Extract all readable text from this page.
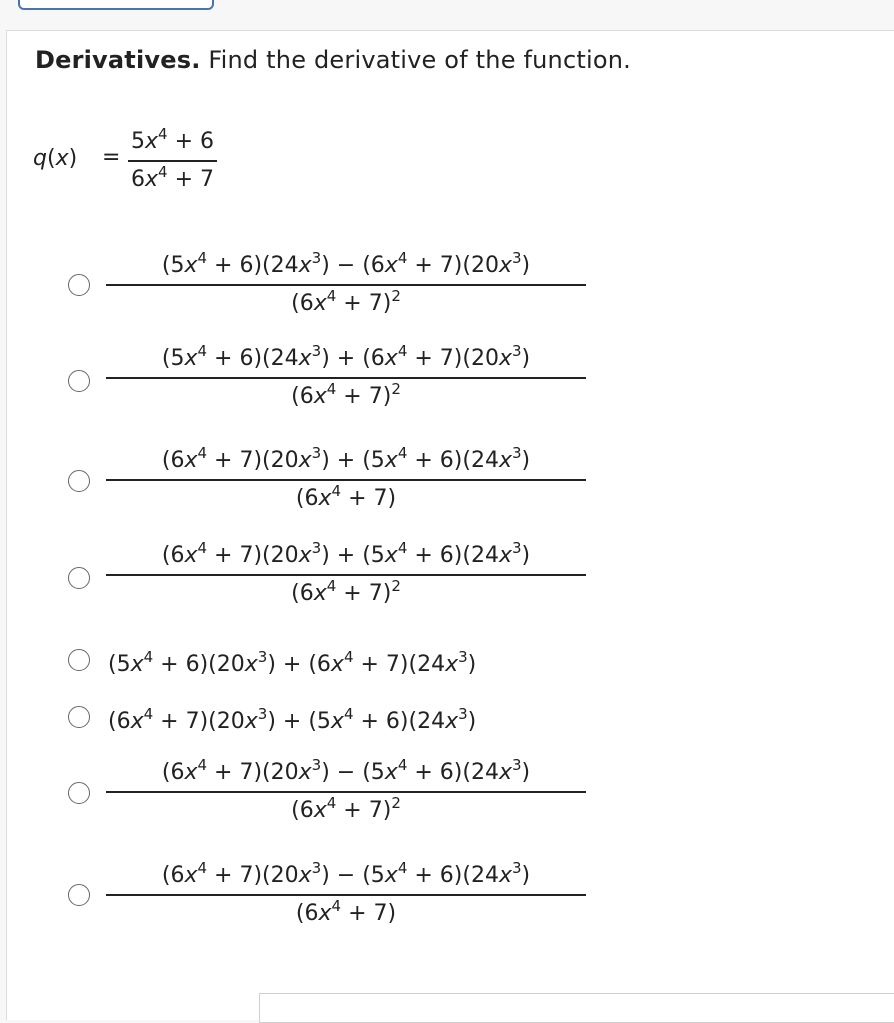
Derivatives. Find the derivative of the function.
q(x) =
$5x^4 + 6$
$6x^4 + 7$
$(5x^4 + 6)(24x^3) - (6x^4 + 7)(20x^3)$
$(6x^4 + 7)^2$
$(5x^4 + 6)(24x^3) + (6x^4 + 7)(20x^3)$
$(6x^4 + 7)^2$
$(6x^4 + 7)(20x^3) + (5x^4 + 6)(24x^3)$
$(6x^4 + 7)$
$(6x^4 + 7)(20x^3) + (5x^4 + 6)(24x^3)$
$(6x^4 + 7)^2$
$(5x^4 + 6)(20x^3) + (6x^4 + 7)(24x^3)$
$(6x^4 + 7)(20x^3) + (5x^4 + 6)(24x^3)$
$(6x^4 + 7)(20x^3) - (5x^4 + 6)(24x^3)$
$(6x^4 + 7)^2$
$(6x^4 + 7)(20x^3) - (5x^4 + 6)(24x^3)$
$(6x^4 + 7)$
